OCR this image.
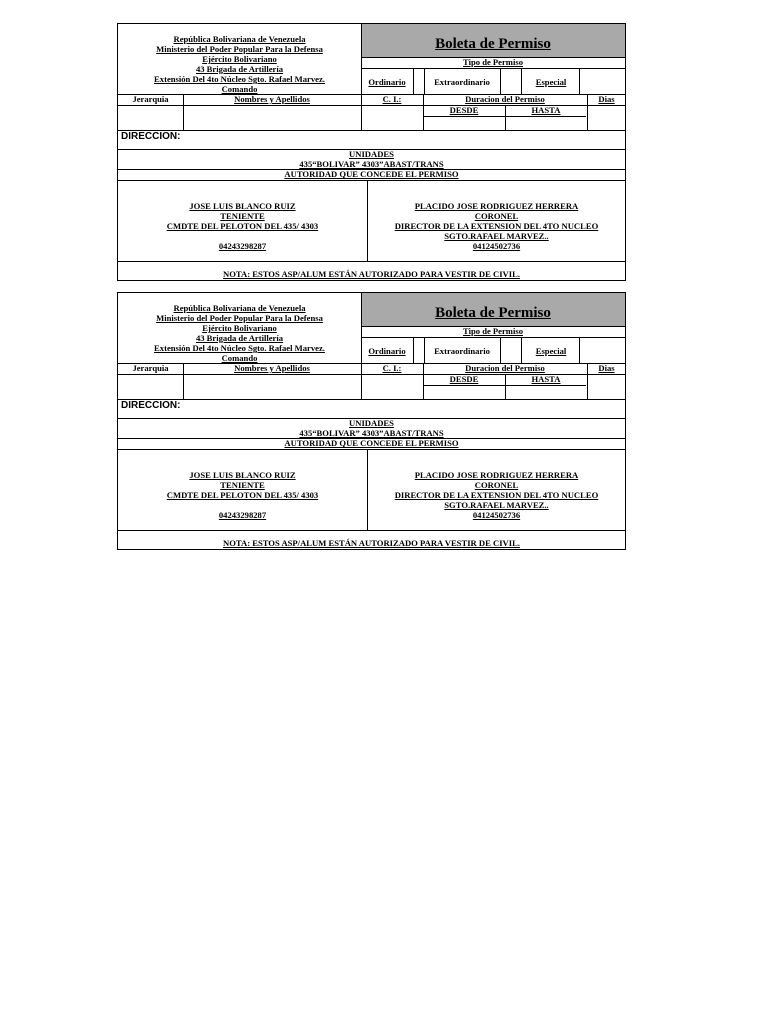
República Bolivariana de Venezuela
Ministerio del Poder Popular Para la Defensa
Ejército Bolivariano
43 Brigada de Artillería
Extensión Del 4to Núcleo Sgto. Rafael Marvez.
Comando
Boleta de Permiso
Tipo de Permiso
Ordinario	Extraordinario	Especial
Jerarquia	Nombres y Apellidos	C. I.:	Duracion del Permiso	Dias
DESDE	HASTA
DIRECCION:
UNIDADES
435“BOLIVAR” 4303”ABAST/TRANS
AUTORIDAD QUE CONCEDE EL PERMISO
JOSE LUIS BLANCO RUIZ
TENIENTE
CMDTE DEL PELOTON DEL 435/ 4303
04243298287
PLACIDO JOSE RODRIGUEZ HERRERA
CORONEL
DIRECTOR DE LA EXTENSION DEL 4TO NUCLEO
SGTO.RAFAEL MARVEZ..
04124502736
NOTA: ESTOS ASP/ALUM ESTÁN AUTORIZADO PARA VESTIR DE CIVIL.
República Bolivariana de Venezuela
Ministerio del Poder Popular Para la Defensa
Ejército Bolivariano
43 Brigada de Artillería
Extensión Del 4to Núcleo Sgto. Rafael Marvez.
Comando
Boleta de Permiso
Tipo de Permiso
Ordinario	Extraordinario	Especial
Jerarquia	Nombres y Apellidos	C. I.:	Duracion del Permiso	Dias
DESDE	HASTA
DIRECCION:
UNIDADES
435“BOLIVAR” 4303”ABAST/TRANS
AUTORIDAD QUE CONCEDE EL PERMISO
JOSE LUIS BLANCO RUIZ
TENIENTE
CMDTE DEL PELOTON DEL 435/ 4303
04243298287
PLACIDO JOSE RODRIGUEZ HERRERA
CORONEL
DIRECTOR DE LA EXTENSION DEL 4TO NUCLEO
SGTO.RAFAEL MARVEZ..
04124502736
NOTA: ESTOS ASP/ALUM ESTÁN AUTORIZADO PARA VESTIR DE CIVIL.
